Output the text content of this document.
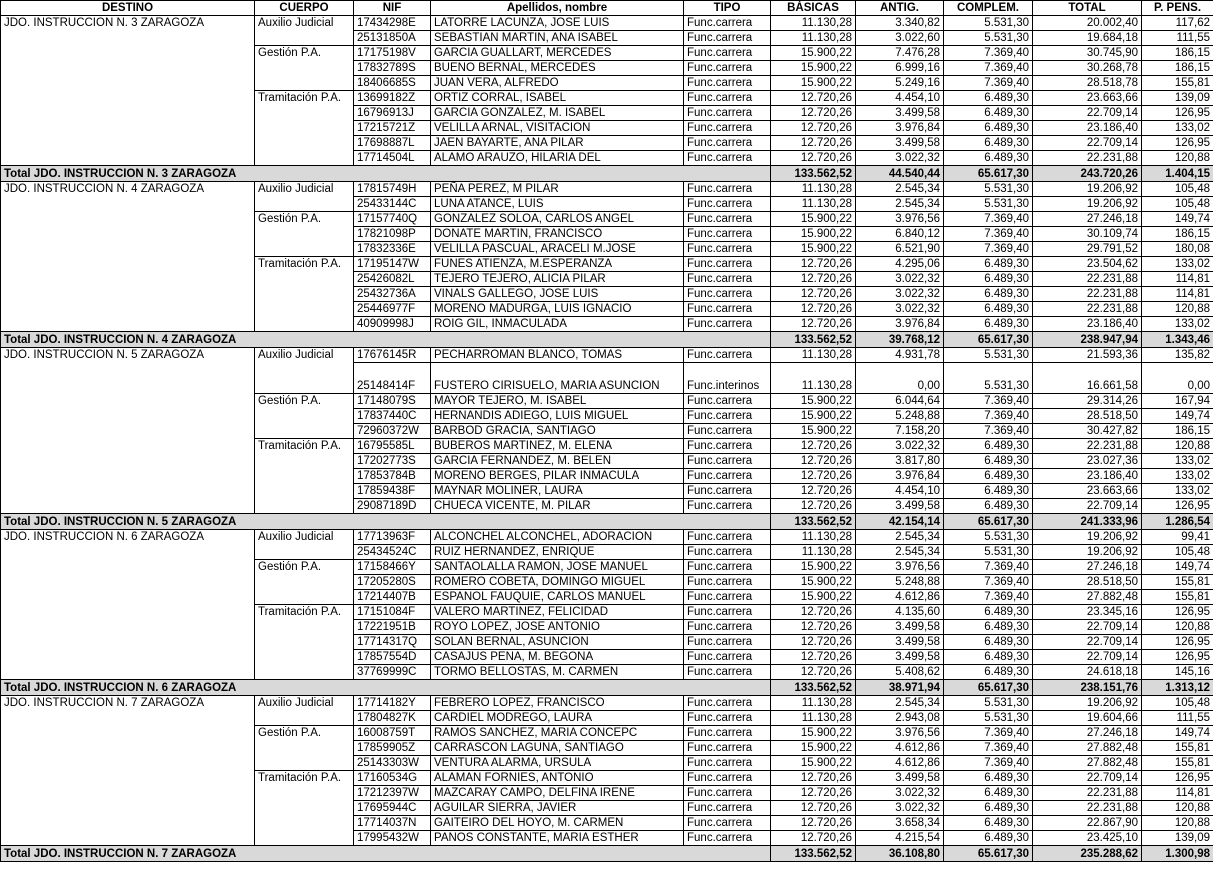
DESTINO	CUERPO	NIF	Apellidos, nombre	TIPO	BÁSICAS	ANTIG.	COMPLEM.	TOTAL	P. PENS.
JDO. INSTRUCCION N. 3 ZARAGOZA	Auxilio Judicial	17434298E	LATORRE LACUNZA, JOSE LUIS	Func.carrera	11.130,28	3.340,82	5.531,30	20.002,40	117,62
		25131850A	SEBASTIAN MARTIN, ANA ISABEL	Func.carrera	11.130,28	3.022,60	5.531,30	19.684,18	111,55
	Gestión P.A.	17175198V	GARCIA GUALLART, MERCEDES	Func.carrera	15.900,22	7.476,28	7.369,40	30.745,90	186,15
		17832789S	BUENO BERNAL, MERCEDES	Func.carrera	15.900,22	6.999,16	7.369,40	30.268,78	186,15
		18406685S	JUAN VERA, ALFREDO	Func.carrera	15.900,22	5.249,16	7.369,40	28.518,78	155,81
	Tramitación P.A.	13699182Z	ORTIZ CORRAL, ISABEL	Func.carrera	12.720,26	4.454,10	6.489,30	23.663,66	139,09
		16796913J	GARCIA GONZALEZ, M. ISABEL	Func.carrera	12.720,26	3.499,58	6.489,30	22.709,14	126,95
		17215721Z	VELILLA ARNAL, VISITACION	Func.carrera	12.720,26	3.976,84	6.489,30	23.186,40	133,02
		17698887L	JAEN BAYARTE, ANA PILAR	Func.carrera	12.720,26	3.499,58	6.489,30	22.709,14	126,95
		17714504L	ALAMO ARAUZO, HILARIA DEL	Func.carrera	12.720,26	3.022,32	6.489,30	22.231,88	120,88
Total JDO. INSTRUCCION N. 3 ZARAGOZA					133.562,52	44.540,44	65.617,30	243.720,26	1.404,15
JDO. INSTRUCCION N. 4 ZARAGOZA	Auxilio Judicial	17815749H	PEÑA PEREZ, M PILAR	Func.carrera	11.130,28	2.545,34	5.531,30	19.206,92	105,48
		25433144C	LUNA ATANCE, LUIS	Func.carrera	11.130,28	2.545,34	5.531,30	19.206,92	105,48
	Gestión P.A.	17157740Q	GONZALEZ SOLOA, CARLOS ANGEL	Func.carrera	15.900,22	3.976,56	7.369,40	27.246,18	149,74
		17821098P	DONATE MARTIN, FRANCISCO	Func.carrera	15.900,22	6.840,12	7.369,40	30.109,74	186,15
		17832336E	VELILLA PASCUAL, ARACELI M.JOSE	Func.carrera	15.900,22	6.521,90	7.369,40	29.791,52	180,08
	Tramitación P.A.	17195147W	FUNES ATIENZA, M.ESPERANZA	Func.carrera	12.720,26	4.295,06	6.489,30	23.504,62	133,02
		25426082L	TEJERO TEJERO, ALICIA PILAR	Func.carrera	12.720,26	3.022,32	6.489,30	22.231,88	114,81
		25432736A	VINALS GALLEGO, JOSE LUIS	Func.carrera	12.720,26	3.022,32	6.489,30	22.231,88	114,81
		25446977F	MORENO MADURGA, LUIS IGNACIO	Func.carrera	12.720,26	3.022,32	6.489,30	22.231,88	120,88
		40909998J	ROIG GIL, INMACULADA	Func.carrera	12.720,26	3.976,84	6.489,30	23.186,40	133,02
Total JDO. INSTRUCCION N. 4 ZARAGOZA					133.562,52	39.768,12	65.617,30	238.947,94	1.343,46
JDO. INSTRUCCION N. 5 ZARAGOZA	Auxilio Judicial	17676145R	PECHARROMAN BLANCO, TOMAS	Func.carrera	11.130,28	4.931,78	5.531,30	21.593,36	135,82
		25148414F	FUSTERO CIRISUELO, MARIA ASUNCION	Func.interinos	11.130,28	0,00	5.531,30	16.661,58	0,00
	Gestión P.A.	17148079S	MAYOR TEJERO, M. ISABEL	Func.carrera	15.900,22	6.044,64	7.369,40	29.314,26	167,94
		17837440C	HERNANDIS ADIEGO, LUIS MIGUEL	Func.carrera	15.900,22	5.248,88	7.369,40	28.518,50	149,74
		72960372W	BARBOD GRACIA, SANTIAGO	Func.carrera	15.900,22	7.158,20	7.369,40	30.427,82	186,15
	Tramitación P.A.	16795585L	BUBEROS MARTINEZ, M. ELENA	Func.carrera	12.720,26	3.022,32	6.489,30	22.231,88	120,88
		17202773S	GARCIA FERNANDEZ, M. BELEN	Func.carrera	12.720,26	3.817,80	6.489,30	23.027,36	133,02
		17853784B	MORENO BERGES, PILAR INMACULA	Func.carrera	12.720,26	3.976,84	6.489,30	23.186,40	133,02
		17859438F	MAYNAR MOLINER, LAURA	Func.carrera	12.720,26	4.454,10	6.489,30	23.663,66	133,02
		29087189D	CHUECA VICENTE, M. PILAR	Func.carrera	12.720,26	3.499,58	6.489,30	22.709,14	126,95
Total JDO. INSTRUCCION N. 5 ZARAGOZA					133.562,52	42.154,14	65.617,30	241.333,96	1.286,54
JDO. INSTRUCCION N. 6 ZARAGOZA	Auxilio Judicial	17713963F	ALCONCHEL ALCONCHEL, ADORACION	Func.carrera	11.130,28	2.545,34	5.531,30	19.206,92	99,41
		25434524C	RUIZ HERNANDEZ, ENRIQUE	Func.carrera	11.130,28	2.545,34	5.531,30	19.206,92	105,48
	Gestión P.A.	17158466Y	SANTAOLALLA RAMON, JOSE MANUEL	Func.carrera	15.900,22	3.976,56	7.369,40	27.246,18	149,74
		17205280S	ROMERO COBETA, DOMINGO MIGUEL	Func.carrera	15.900,22	5.248,88	7.369,40	28.518,50	155,81
		17214407B	ESPANOL FAUQUIE, CARLOS MANUEL	Func.carrera	15.900,22	4.612,86	7.369,40	27.882,48	155,81
	Tramitación P.A.	17151084F	VALERO MARTINEZ, FELICIDAD	Func.carrera	12.720,26	4.135,60	6.489,30	23.345,16	126,95
		17221951B	ROYO LOPEZ, JOSE ANTONIO	Func.carrera	12.720,26	3.499,58	6.489,30	22.709,14	120,88
		17714317Q	SOLAN BERNAL, ASUNCION	Func.carrera	12.720,26	3.499,58	6.489,30	22.709,14	126,95
		17857554D	CASAJUS PENA, M. BEGONA	Func.carrera	12.720,26	3.499,58	6.489,30	22.709,14	126,95
		37769999C	TORMO BELLOSTAS, M. CARMEN	Func.carrera	12.720,26	5.408,62	6.489,30	24.618,18	145,16
Total JDO. INSTRUCCION N. 6 ZARAGOZA					133.562,52	38.971,94	65.617,30	238.151,76	1.313,12
JDO. INSTRUCCION N. 7 ZARAGOZA	Auxilio Judicial	17714182Y	FEBRERO LOPEZ, FRANCISCO	Func.carrera	11.130,28	2.545,34	5.531,30	19.206,92	105,48
		17804827K	CARDIEL MODREGO, LAURA	Func.carrera	11.130,28	2.943,08	5.531,30	19.604,66	111,55
	Gestión P.A.	16008759T	RAMOS SANCHEZ, MARIA CONCEPC	Func.carrera	15.900,22	3.976,56	7.369,40	27.246,18	149,74
		17859905Z	CARRASCON LAGUNA, SANTIAGO	Func.carrera	15.900,22	4.612,86	7.369,40	27.882,48	155,81
		25143303W	VENTURA ALARMA, URSULA	Func.carrera	15.900,22	4.612,86	7.369,40	27.882,48	155,81
	Tramitación P.A.	17160534G	ALAMAN FORNIES, ANTONIO	Func.carrera	12.720,26	3.499,58	6.489,30	22.709,14	126,95
		17212397W	MAZCARAY CAMPO, DELFINA IRENE	Func.carrera	12.720,26	3.022,32	6.489,30	22.231,88	114,81
		17695944C	AGUILAR SIERRA, JAVIER	Func.carrera	12.720,26	3.022,32	6.489,30	22.231,88	120,88
		17714037N	GAITEIRO DEL HOYO, M. CARMEN	Func.carrera	12.720,26	3.658,34	6.489,30	22.867,90	120,88
		17995432W	PANOS CONSTANTE, MARIA ESTHER	Func.carrera	12.720,26	4.215,54	6.489,30	23.425,10	139,09
Total JDO. INSTRUCCION N. 7 ZARAGOZA					133.562,52	36.108,80	65.617,30	235.288,62	1.300,98
